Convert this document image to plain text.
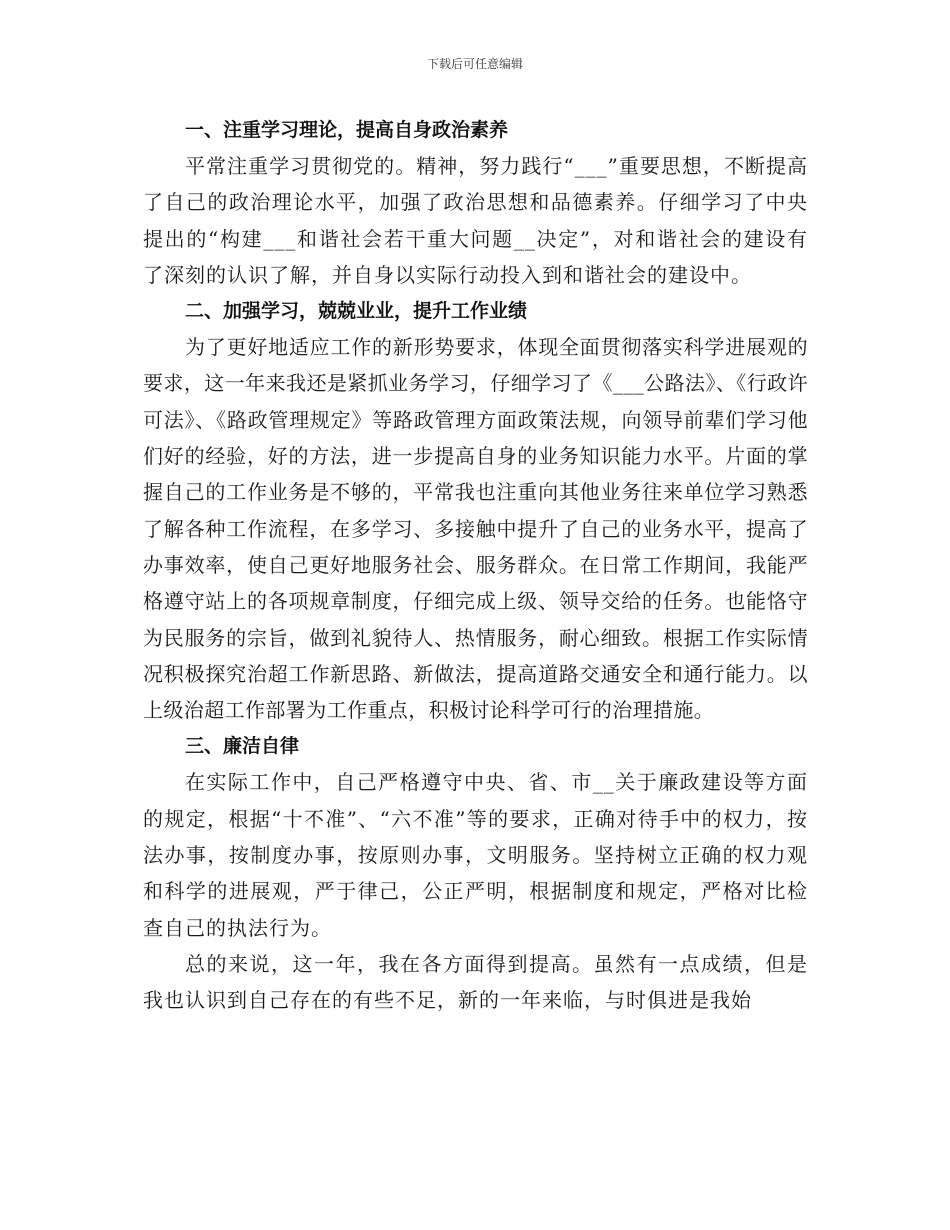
下载后可任意编辑
一、注重学习理论，提高自身政治素养

平常注重学习贯彻党的。精神，努力践行“___”重要思想，不断提高了自己的政治理论水平，加强了政治思想和品德素养。仔细学习了中央提出的“构建___和谐社会若干重大问题__决定”，对和谐社会的建设有了深刻的认识了解，并自身以实际行动投入到和谐社会的建设中。

二、加强学习，兢兢业业，提升工作业绩

为了更好地适应工作的新形势要求，体现全面贯彻落实科学进展观的要求，这一年来我还是紧抓业务学习，仔细学习了《___公路法》、《行政许可法》、《路政管理规定》等路政管理方面政策法规，向领导前辈们学习他们好的经验，好的方法，进一步提高自身的业务知识能力水平。片面的掌握自己的工作业务是不够的，平常我也注重向其他业务往来单位学习熟悉了解各种工作流程，在多学习、多接触中提升了自己的业务水平，提高了办事效率，使自己更好地服务社会、服务群众。在日常工作期间，我能严格遵守站上的各项规章制度，仔细完成上级、领导交给的任务。也能恪守为民服务的宗旨，做到礼貌待人、热情服务，耐心细致。根据工作实际情况积极探究治超工作新思路、新做法，提高道路交通安全和通行能力。以上级治超工作部署为工作重点，积极讨论科学可行的治理措施。

三、廉洁自律

在实际工作中，自己严格遵守中央、省、市__关于廉政建设等方面的规定，根据“十不准”、“六不准”等的要求，正确对待手中的权力，按法办事，按制度办事，按原则办事，文明服务。坚持树立正确的权力观和科学的进展观，严于律己，公正严明，根据制度和规定，严格对比检查自己的执法行为。

总的来说，这一年，我在各方面得到提高。虽然有一点成绩，但是我也认识到自己存在的有些不足，新的一年来临，与时俱进是我始
